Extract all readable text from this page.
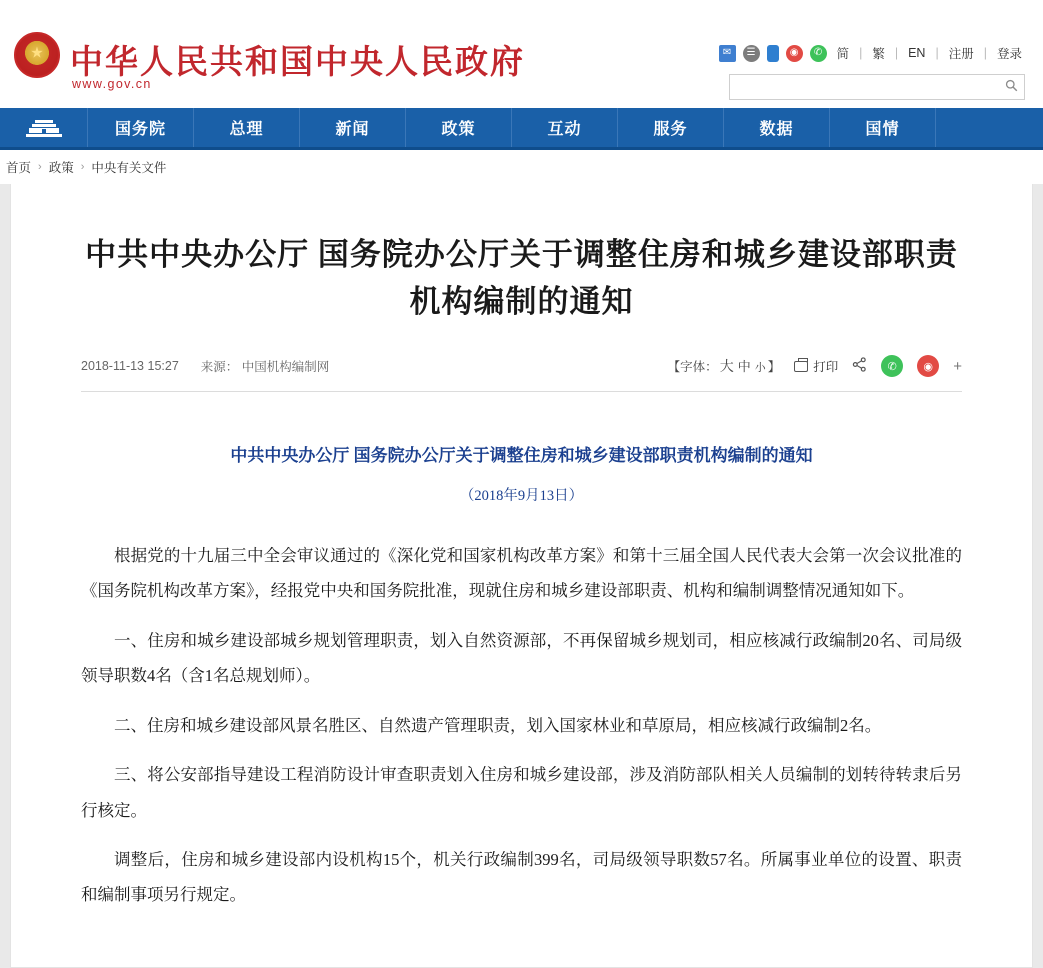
★ 中华人民共和国中央人民政府
www.gov.cn
✉	☰	◉	✆	简 | 繁 | EN | 注册 | 登录
国务院	总理	新闻	政策	互动	服务	数据	国情
首页 › 政策 › 中央有关文件
中共中央办公厅 国务院办公厅关于调整住房和城乡建设部职责机构编制的通知
2018-11-13 15:27 来源： 中国机构编制网	【字体： 大 中 小 】	打印	✆	◉	+
中共中央办公厅 国务院办公厅关于调整住房和城乡建设部职责机构编制的通知
（2018年9月13日）

根据党的十九届三中全会审议通过的《深化党和国家机构改革方案》和第十三届全国人民代表大会第一次会议批准的《国务院机构改革方案》，经报党中央和国务院批准，现就住房和城乡建设部职责、机构和编制调整情况通知如下。

一、住房和城乡建设部城乡规划管理职责，划入自然资源部，不再保留城乡规划司，相应核减行政编制20名、司局级领导职数4名（含1名总规划师）。

二、住房和城乡建设部风景名胜区、自然遗产管理职责，划入国家林业和草原局，相应核减行政编制2名。

三、将公安部指导建设工程消防设计审查职责划入住房和城乡建设部，涉及消防部队相关人员编制的划转待转隶后另行核定。

调整后，住房和城乡建设部内设机构15个，机关行政编制399名，司局级领导职数57名。所属事业单位的设置、职责和编制事项另行规定。
